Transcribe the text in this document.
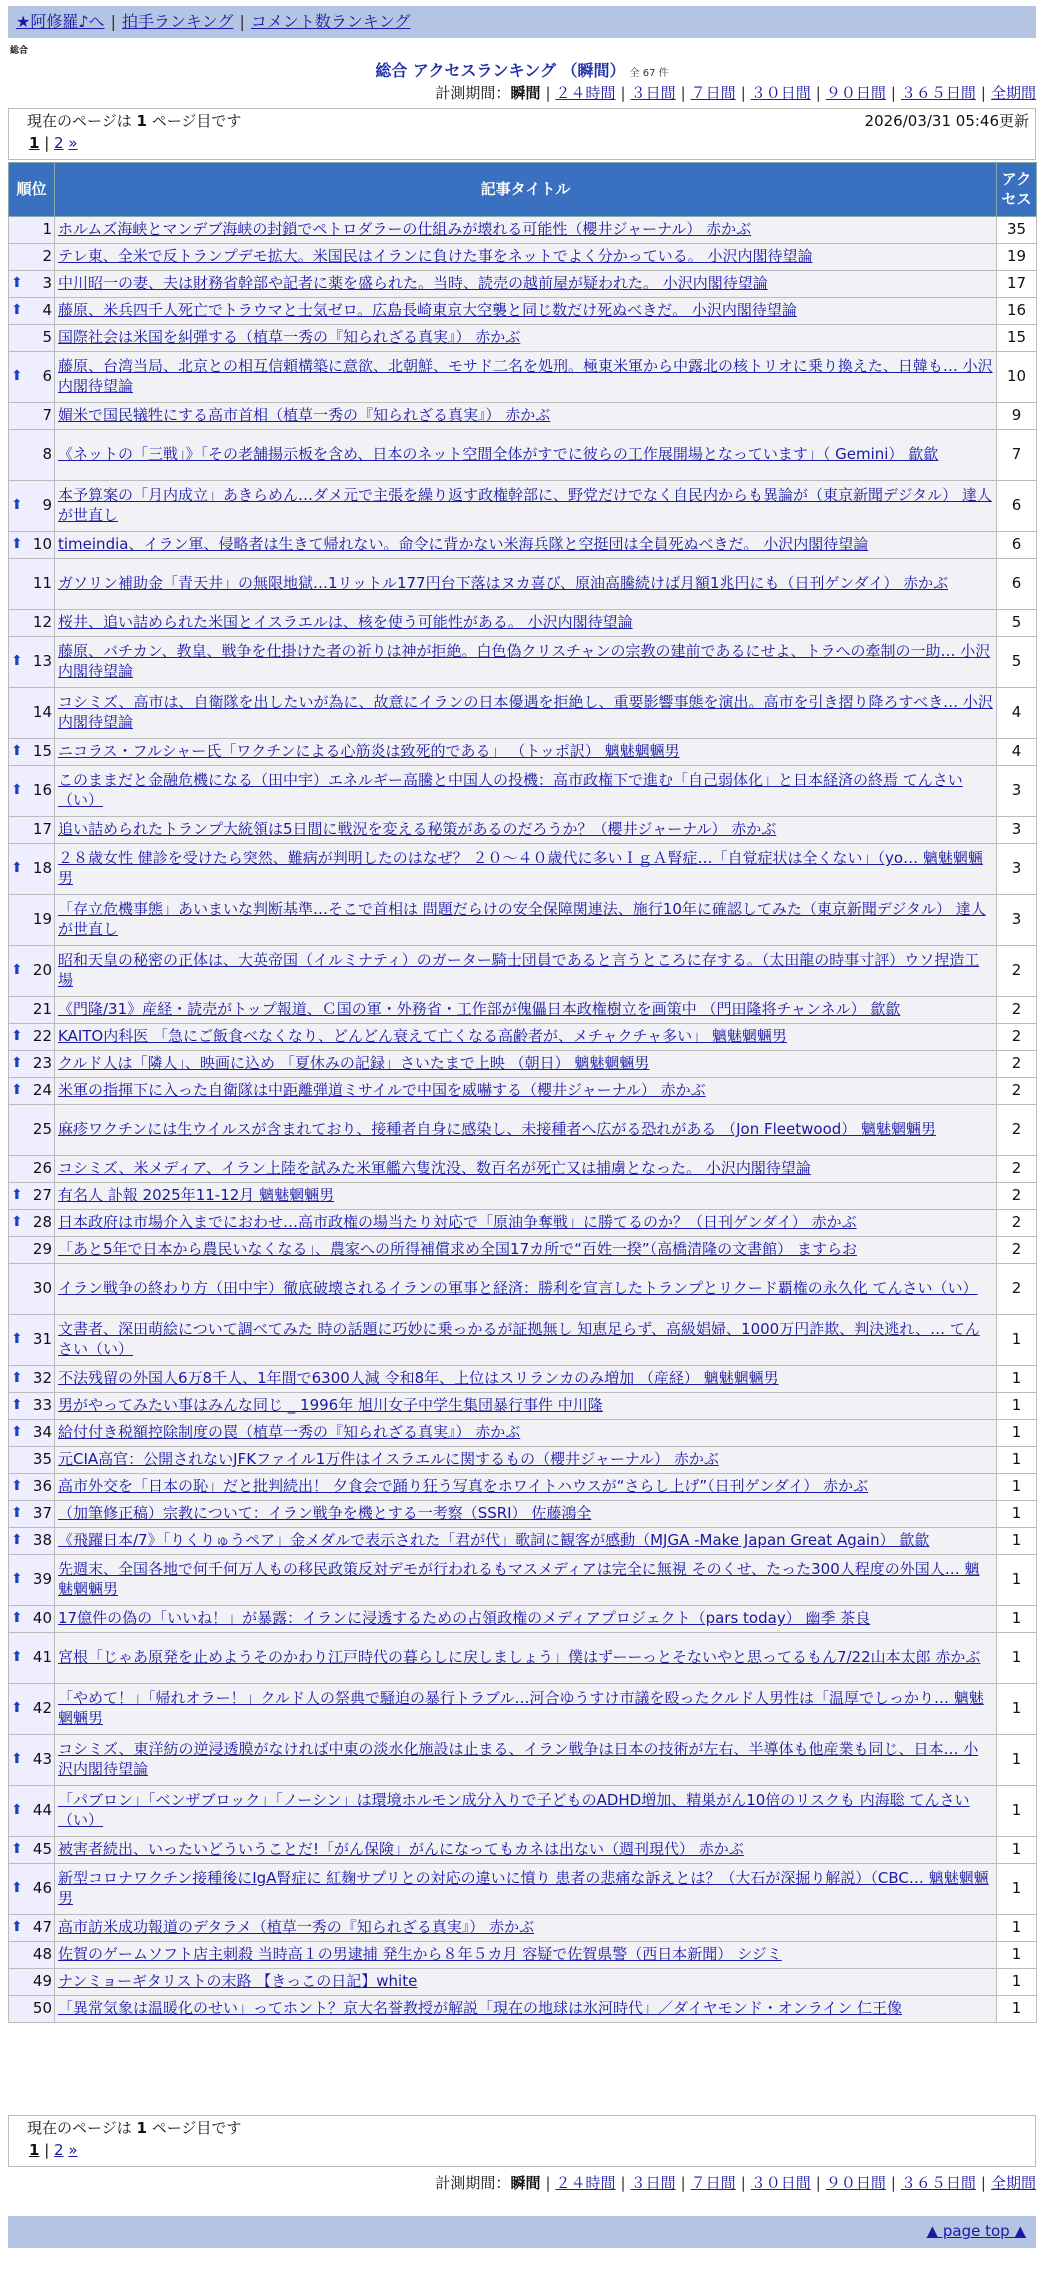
★阿修羅♪へ | 拍手ランキング | コメント数ランキング
総合
総合 アクセスランキング （瞬間） 全 67 件
計測期間：瞬間 | ２４時間 | ３日間 | ７日間 | ３０日間 | ９０日間 | ３６５日間 | 全期間
現在のページは 1 ページ目です	2026/03/31 05:46更新
1 | 2 »
順位	記事タイトル	アクセス
1	ホルムズ海峡とマンデブ海峡の封鎖でペトロダラーの仕組みが壊れる可能性（櫻井ジャーナル） 赤かぶ	35
2	テレ東、全米で反トランプデモ拡大。米国民はイランに負けた事をネットでよく分かっている。 小沢内閣待望論	19

⬆ 3	中川昭一の妻、夫は財務省幹部や記者に薬を盛られた。当時、読売の越前屋が疑われた。 小沢内閣待望論	17

⬆ 4	藤原、米兵四千人死亡でトラウマと士気ゼロ。広島長崎東京大空襲と同じ数だけ死ぬべきだ。 小沢内閣待望論	16
5	国際社会は米国を糾弾する（植草一秀の『知られざる真実』） 赤かぶ	15

⬆ 6	藤原、台湾当局、北京との相互信頼構築に意欲、北朝鮮、モサド二名を処刑。極東米軍から中露北の核トリオに乗り換えた、日韓も… 小沢内閣待望論	10
7	媚米で国民犠牲にする高市首相（植草一秀の『知られざる真実』） 赤かぶ	9
8	《ネットの「三戦」》「その老舗揚示板を含め、日本のネット空間全体がすでに彼らの工作展開場となっています」（ Gemini） 歙歙	7

⬆ 9	本予算案の「月内成立」あきらめん…ダメ元で主張を繰り返す政権幹部に、野党だけでなく自民内からも異論が（東京新聞デジタル） 達人が世直し	6

⬆ 10	timeindia、イラン軍、侵略者は生きて帰れない。命令に背かない米海兵隊と空挺団は全員死ぬべきだ。 小沢内閣待望論	6
11	ガソリン補助金「青天井」の無限地獄…1リットル177円台下落はヌカ喜び、原油高騰続けば月額1兆円にも（日刊ゲンダイ） 赤かぶ	6
12	桜井、追い詰められた米国とイスラエルは、核を使う可能性がある。 小沢内閣待望論	5

⬆ 13	藤原、バチカン、教皇、戦争を仕掛けた者の祈りは神が拒絶。白色偽クリスチャンの宗教の建前であるにせよ、トラへの牽制の一助… 小沢内閣待望論	5
14	コシミズ、高市は、自衛隊を出したいが為に、故意にイランの日本優遇を拒絶し、重要影響事態を演出。高市を引き摺り降ろすべき… 小沢内閣待望論	4

⬆ 15	ニコラス・フルシャー氏「ワクチンによる心筋炎は致死的である」 （トッポ訳） 魑魅魍魎男	4

⬆ 16	このままだと金融危機になる（田中宇）エネルギー高騰と中国人の投機：高市政権下で進む「自己弱体化」と日本経済の終焉 てんさい（い）	3
17	追い詰められたトランプ大統領は5日間に戦況を変える秘策があるのだろうか？（櫻井ジャーナル） 赤かぶ	3

⬆ 18	２８歳女性 健診を受けたら突然、難病が判明したのはなぜ？ ２０～４０歳代に多いＩｇＡ腎症…「自覚症状は全くない」（yo… 魑魅魍魎男	3
19	「存立危機事態」あいまいな判断基準…そこで首相は 問題だらけの安全保障関連法、施行10年に確認してみた（東京新聞デジタル） 達人が世直し	3

⬆ 20	昭和天皇の秘密の正体は、大英帝国（イルミナティ）のガーター騎士団員であると言うところに存する。（太田龍の時事寸評）ウソ捏造工場	2
21	《門隆/31》産経・読売がトップ報道、Ｃ国の軍・外務省・工作部が傀儡日本政権樹立を画策中 （門田隆将チャンネル） 歙歙	2

⬆ 22	KAITO内科医 「急にご飯食べなくなり、どんどん衰えて亡くなる高齢者が、メチャクチャ多い」 魑魅魍魎男	2

⬆ 23	クルド人は「隣人」、映画に込め 「夏休みの記録」さいたまで上映 （朝日） 魑魅魍魎男	2

⬆ 24	米軍の指揮下に入った自衛隊は中距離弾道ミサイルで中国を威嚇する（櫻井ジャーナル） 赤かぶ	2
25	麻疹ワクチンには生ウイルスが含まれており、接種者自身に感染し、未接種者へ広がる恐れがある （Jon Fleetwood） 魑魅魍魎男	2
26	コシミズ、米メディア、イラン上陸を試みた米軍艦六隻沈没、数百名が死亡又は捕虜となった。 小沢内閣待望論	2

⬆ 27	有名人 訃報 2025年11-12月 魑魅魍魎男	2

⬆ 28	日本政府は市場介入までにおわせ…高市政権の場当たり対応で「原油争奪戦」に勝てるのか？（日刊ゲンダイ） 赤かぶ	2
29	「あと5年で日本から農民いなくなる」、農家への所得補償求め全国17カ所で“百姓一揆”（高橋清隆の文書館） ますらお	2
30	イラン戦争の終わり方（田中宇）徹底破壊されるイランの軍事と経済：勝利を宣言したトランプとリクード覇権の永久化 てんさい（い）	2

⬆ 31	文書者、深田萌絵について調べてみた 時の話題に巧妙に乗っかるが証拠無し 知恵足らず、高級娼婦、1000万円詐欺、判決逃れ、… てんさい（い）	1

⬆ 32	不法残留の外国人6万8千人、1年間で6300人減 令和8年、上位はスリランカのみ増加 （産経） 魑魅魍魎男	1

⬆ 33	男がやってみたい事はみんな同じ _ 1996年 旭川女子中学生集団暴行事件 中川隆	1

⬆ 34	給付付き税額控除制度の罠（植草一秀の『知られざる真実』） 赤かぶ	1
35	元CIA高官：公開されないJFKファイル1万件はイスラエルに関するもの（櫻井ジャーナル） 赤かぶ	1

⬆ 36	高市外交を「日本の恥」だと批判続出！ 夕食会で踊り狂う写真をホワイトハウスが“さらし上げ”（日刊ゲンダイ） 赤かぶ	1

⬆ 37	（加筆修正稿）宗教について：イラン戦争を機とする一考察（SSRI） 佐藤鴻全	1

⬆ 38	《飛躍日本/7》「りくりゅうペア」金メダルで表示された「君が代」歌詞に観客が感動（MJGA -Make Japan Great Again） 歙歙	1

⬆ 39	先週末、全国各地で何千何万人もの移民政策反対デモが行われるもマスメディアは完全に無視 そのくせ、たった300人程度の外国人… 魑魅魍魎男	1

⬆ 40	17億件の偽の「いいね！」が暴露：イランに浸透するための占領政権のメディアプロジェクト（pars today） 幽季 茶良	1

⬆ 41	宮根「じゃあ原発を止めようそのかわり江戸時代の暮らしに戻しましょう」僕はずーーっとそないやと思ってるもん7/22山本太郎 赤かぶ	1

⬆ 42	「やめて！」「帰れオラー！」クルド人の祭典で騒迫の暴行トラブル…河合ゆうすけ市議を殴ったクルド人男性は「温厚でしっかり… 魑魅魍魎男	1

⬆ 43	コシミズ、東洋紡の逆浸透膜がなければ中東の淡水化施設は止まる、イラン戦争は日本の技術が左右、半導体も他産業も同じ、日本… 小沢内閣待望論	1

⬆ 44	「パブロン」「ベンザブロック」「ノーシン」は環境ホルモン成分入りで子どものADHD増加、精巣がん10倍のリスクも 内海聡 てんさい（い）	1

⬆ 45	被害者続出、いったいどういうことだ!「がん保険」がんになってもカネは出ない（週刊現代） 赤かぶ	1

⬆ 46	新型コロナワクチン接種後にIgA腎症に 紅麹サプリとの対応の違いに憤り 患者の悲痛な訴えとは？（大石が深掘り解説）（CBC… 魑魅魍魎男	1

⬆ 47	高市訪米成功報道のデタラメ（植草一秀の『知られざる真実』） 赤かぶ	1
48	佐賀のゲームソフト店主刺殺 当時高１の男逮捕 発生から８年５カ月 容疑で佐賀県警（西日本新聞） シジミ	1
49	ナンミョーギタリストの末路 【きっこの日記】white	1
50	「異常気象は温暖化のせい」ってホント？京大名誉教授が解説「現在の地球は氷河時代」／ダイヤモンド・オンライン 仁王像	1
現在のページは 1 ページ目です
1 | 2 »
計測期間：瞬間 | ２４時間 | ３日間 | ７日間 | ３０日間 | ９０日間 | ３６５日間 | 全期間
▲ page top ▲
